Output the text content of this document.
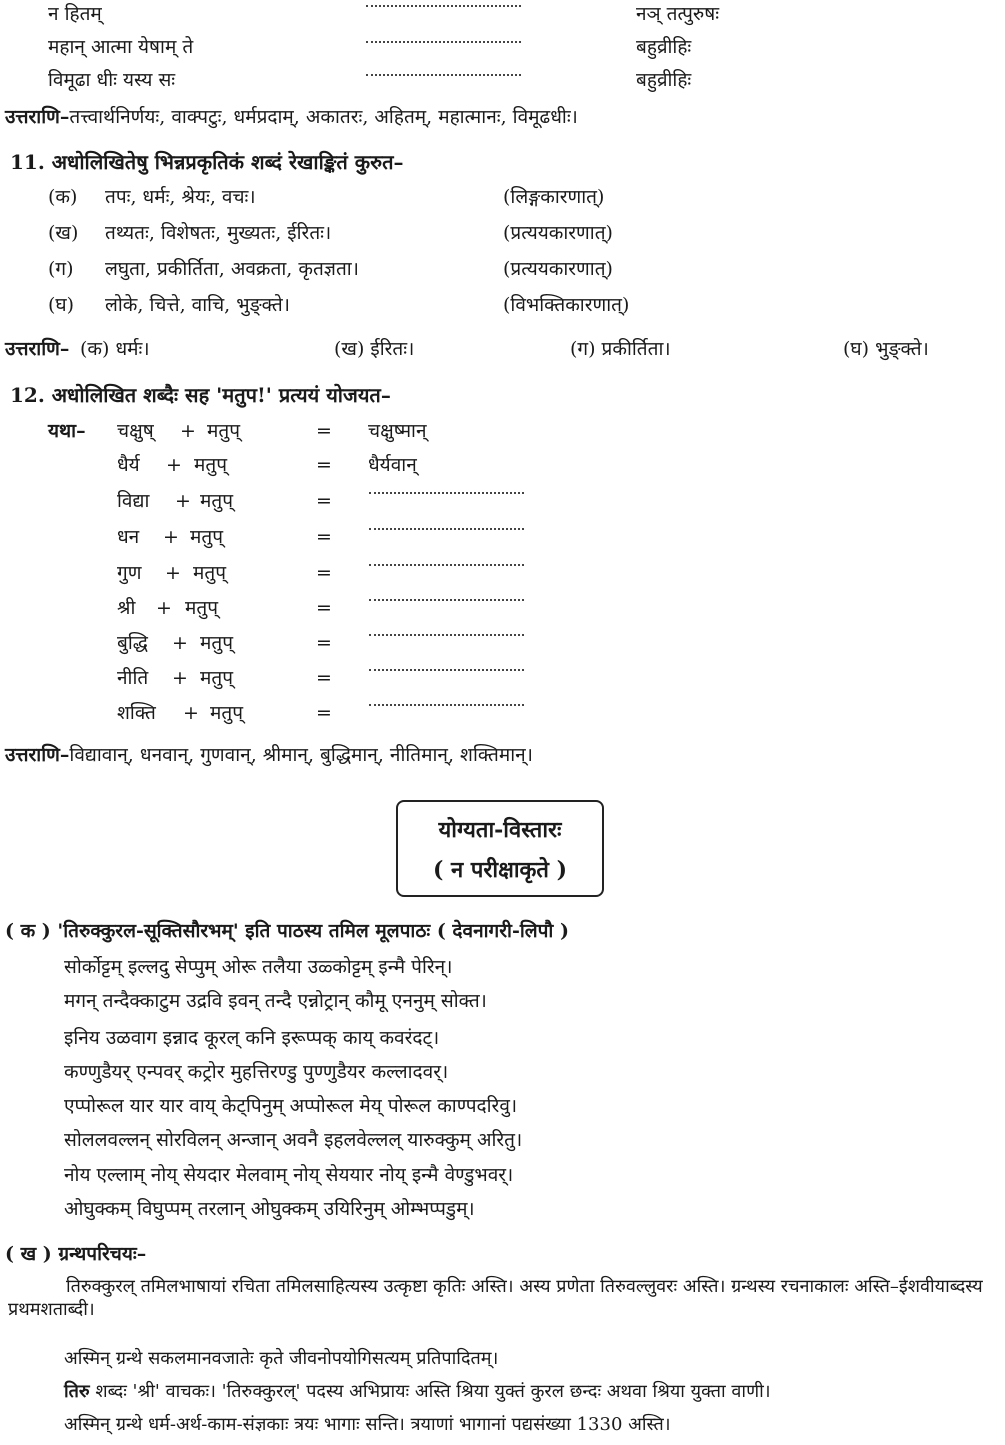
न हितम्	नञ् तत्पुरुषः
महान् आत्मा येषाम् ते	बहुव्रीहिः
विमूढा धीः यस्य सः	बहुव्रीहिः
उत्तराणि–तत्त्वार्थनिर्णयः, वाक्पटुः, धर्मप्रदाम्, अकातरः, अहितम्, महात्मानः, विमूढधीः।
11. अधोलिखितेषु भिन्नप्रकृतिकं शब्दं रेखाङ्कितं कुरुत–
(क) तपः, धर्मः, श्रेयः, वचः।	(लिङ्गकारणात्)
(ख) तथ्यतः, विशेषतः, मुख्यतः, ईरितः।	(प्रत्ययकारणात्)
(ग) लघुता, प्रकीर्तिता, अवक्रता, कृतज्ञता।	(प्रत्ययकारणात्)
(घ) लोके, चित्ते, वाचि, भुङ्क्ते।	(विभक्तिकारणात्)
उत्तराणि– (क) धर्मः।	(ख) ईरितः।	(ग) प्रकीर्तिता।	(घ) भुङ्क्ते।
12. अधोलिखित शब्दैः सह 'मतुप!' प्रत्ययं योजयत–
यथा– चक्षुष् + मतुप्	= चक्षुष्मान्
धैर्य + मतुप्	= धैर्यवान्
विद्या + मतुप्	=
धन + मतुप्	=
गुण + मतुप्	=
श्री + मतुप्	=
बुद्धि + मतुप्	=
नीति + मतुप्	=
शक्ति + मतुप्	=
उत्तराणि–विद्यावान्, धनवान्, गुणवान्, श्रीमान्, बुद्धिमान्, नीतिमान्, शक्तिमान्।
योग्यता-विस्तारः
( न परीक्षाकृते )
( क ) 'तिरुक्कुरल-सूक्तिसौरभम्' इति पाठस्य तमिल मूलपाठः ( देवनागरी-लिपौ )
सोर्कोट्टम् इल्लदु सेप्पुम् ओरू तलैया उळ्कोट्टम् इन्मै पेरिन्।
मगन् तन्दैक्काटुम उद्रवि इवन् तन्दै एन्नोट्रान् कौमू एननुम् सोक्त।
इनिय उळवाग इन्नाद कूरल् कनि इरूप्पक् काय् कवरंदट्।
कण्णुडैयर् एन्पवर् कट्रोर मुहत्तिरण्डु पुण्णुडैयर कल्लादवर्।
एप्पोरूल यार यार वाय् केट्पिनुम् अप्पोरूल मेय् पोरूल काण्पदरिवु।
सोललवल्लन् सोरविलन् अन्जान् अवनै इहलवेल्लल् यारुक्कुम् अरितु।
नोय एल्लाम् नोय् सेयदार मेलवाम् नोय् सेययार नोय् इन्मै वेण्डुभवर्।
ओघुक्कम् विघुप्पम् तरलान् ओघुक्कम् उयिरिनुम् ओम्भप्पडुम्।
( ख ) ग्रन्थपरिचयः–
तिरुक्कुरल् तमिलभाषायां रचिता तमिलसाहित्यस्य उत्कृष्टा कृतिः अस्ति। अस्य प्रणेता तिरुवल्लुवरः अस्ति। ग्रन्थस्य रचनाकालः अस्ति–ईशवीयाब्दस्य प्रथमशताब्दी।
अस्मिन् ग्रन्थे सकलमानवजातेः कृते जीवनोपयोगिसत्यम् प्रतिपादितम्।
तिरु शब्दः 'श्री' वाचकः। 'तिरुक्कुरल्' पदस्य अभिप्रायः अस्ति श्रिया युक्तं कुरल छन्दः अथवा श्रिया युक्ता वाणी।
अस्मिन् ग्रन्थे धर्म-अर्थ-काम-संज्ञकाः त्रयः भागाः सन्ति। त्रयाणां भागानां पद्यसंख्या 1330 अस्ति।
